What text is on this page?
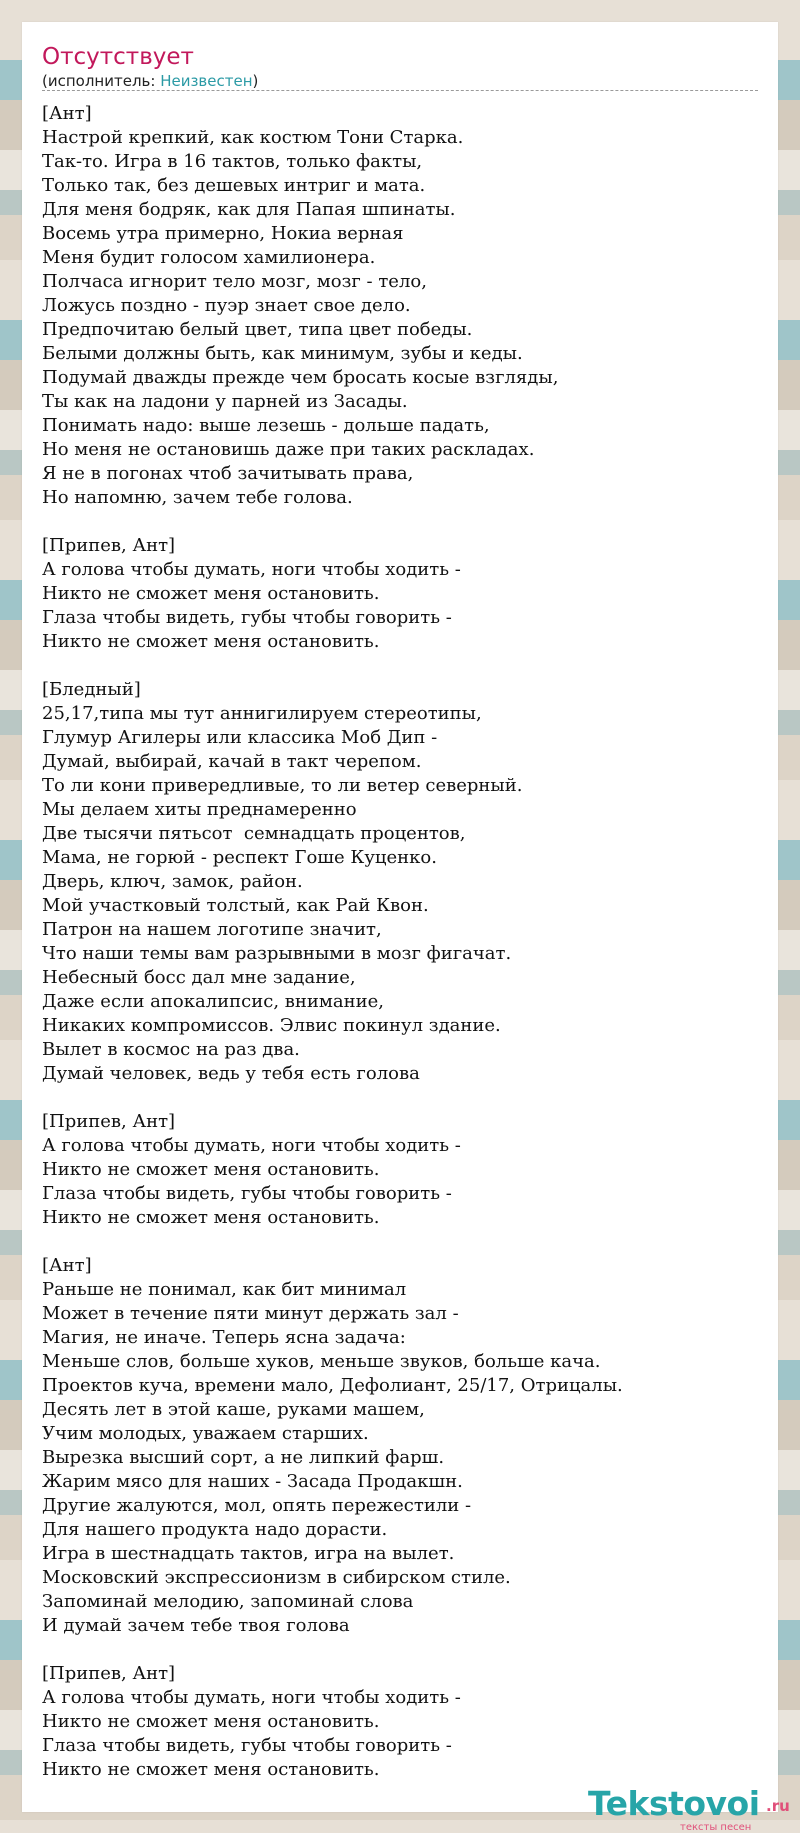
Отсутствует
(исполнитель: Неизвестен)
[Ант]
Настрой крепкий, как костюм Тони Старка.
Так-то. Игра в 16 тактов, только факты,
Только так, без дешевых интриг и мата.
Для меня бодряк, как для Папая шпинаты.
Восемь утра примерно, Нокиа верная
Меня будит голосом хамилионера.
Полчаса игнорит тело мозг, мозг - тело,
Ложусь поздно - пуэр знает свое дело.
Предпочитаю белый цвет, типа цвет победы.
Белыми должны быть, как минимум, зубы и кеды.
Подумай дважды прежде чем бросать косые взгляды,
Ты как на ладони у парней из Засады.
Понимать надо: выше лезешь - дольше падать,
Но меня не остановишь даже при таких раскладах.
Я не в погонах чтоб зачитывать права,
Но напомню, зачем тебе голова.
[Припев, Ант]
А голова чтобы думать, ноги чтобы ходить -
Никто не сможет меня остановить.
Глаза чтобы видеть, губы чтобы говорить -
Никто не сможет меня остановить.
[Бледный]
25,17,типа мы тут аннигилируем стереотипы,
Глумур Агилеры или классика Моб Дип -
Думай, выбирай, качай в такт черепом.
То ли кони привередливые, то ли ветер северный.
Мы делаем хиты преднамеренно
Две тысячи пятьсот  семнадцать процентов,
Мама, не горюй - респект Гоше Куценко.
Дверь, ключ, замок, район.
Мой участковый толстый, как Рай Квон.
Патрон на нашем логотипе значит,
Что наши темы вам разрывными в мозг фигачат.
Небесный босс дал мне задание,
Даже если апокалипсис, внимание,
Никаких компромиссов. Элвис покинул здание.
Вылет в космос на раз два.
Думай человек, ведь у тебя есть голова
[Припев, Ант]
А голова чтобы думать, ноги чтобы ходить -
Никто не сможет меня остановить.
Глаза чтобы видеть, губы чтобы говорить -
Никто не сможет меня остановить.
[Ант]
Раньше не понимал, как бит минимал
Может в течение пяти минут держать зал -
Магия, не иначе. Теперь ясна задача:
Меньше слов, больше хуков, меньше звуков, больше кача.
Проектов куча, времени мало, Дефолиант, 25/17, Отрицалы.
Десять лет в этой каше, руками машем,
Учим молодых, уважаем старших.
Вырезка высший сорт, а не липкий фарш.
Жарим мясо для наших - Засада Продакшн.
Другие жалуются, мол, опять пережестили -
Для нашего продукта надо дорасти.
Игра в шестнадцать тактов, игра на вылет.
Московский экспрессионизм в сибирском стиле.
Запоминай мелодию, запоминай слова
И думай зачем тебе твоя голова
[Припев, Ант]
А голова чтобы думать, ноги чтобы ходить -
Никто не сможет меня остановить.
Глаза чтобы видеть, губы чтобы говорить -
Никто не сможет меня остановить.
Tekstovoi .ru
тексты песен
